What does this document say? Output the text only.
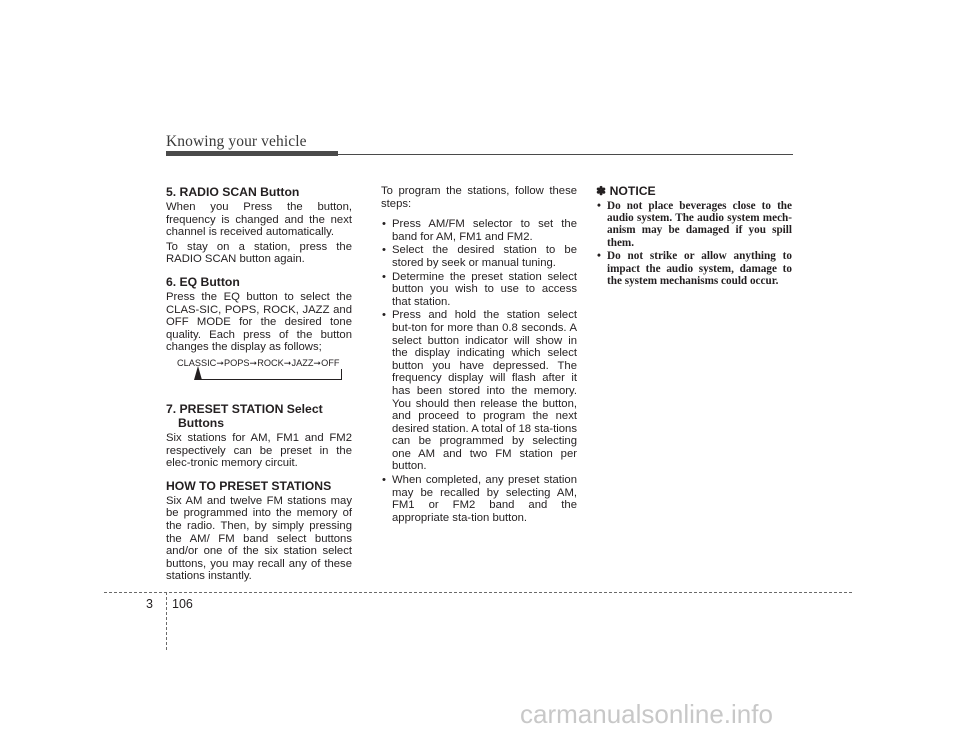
Knowing your vehicle
5. RADIO SCAN Button

When you Press the button, frequency is changed and the next channel is received automatically.

To stay on a station, press the RADIO SCAN button again.

6. EQ Button

Press the EQ button to select the CLAS-SIC, POPS, ROCK, JAZZ and OFF MODE for the desired tone quality. Each press of the button changes the display as follows;

CLASSIC➞POPS➞ROCK➞JAZZ➞OFF
7. PRESET STATION Select Buttons

Six stations for AM, FM1 and FM2 respectively can be preset in the elec-tronic memory circuit.

HOW TO PRESET STATIONS

Six AM and twelve FM stations may be programmed into the memory of the radio. Then, by simply pressing the AM/ FM band select buttons and/or one of the six station select buttons, you may recall any of these stations instantly.

To program the stations, follow these steps:

• Press AM/FM selector to set the band for AM, FM1 and FM2.
• Select the desired station to be stored by seek or manual tuning.
• Determine the preset station select button you wish to use to access that station.
• Press and hold the station select but-ton for more than 0.8 seconds. A select button indicator will show in the display indicating which select button you have depressed. The frequency display will flash after it has been stored into the memory. You should then release the button, and proceed to program the next desired station. A total of 18 sta-tions can be programmed by selecting one AM and two FM station per button.
• When completed, any preset station may be recalled by selecting AM, FM1 or FM2 band and the appropriate sta-tion button.
✽ NOTICE
• Do not place beverages close to the audio system. The audio system mech-anism may be damaged if you spill them.
• Do not strike or allow anything to impact the audio system, damage to the system mechanisms could occur.
3 106
carmanualsonline.info
